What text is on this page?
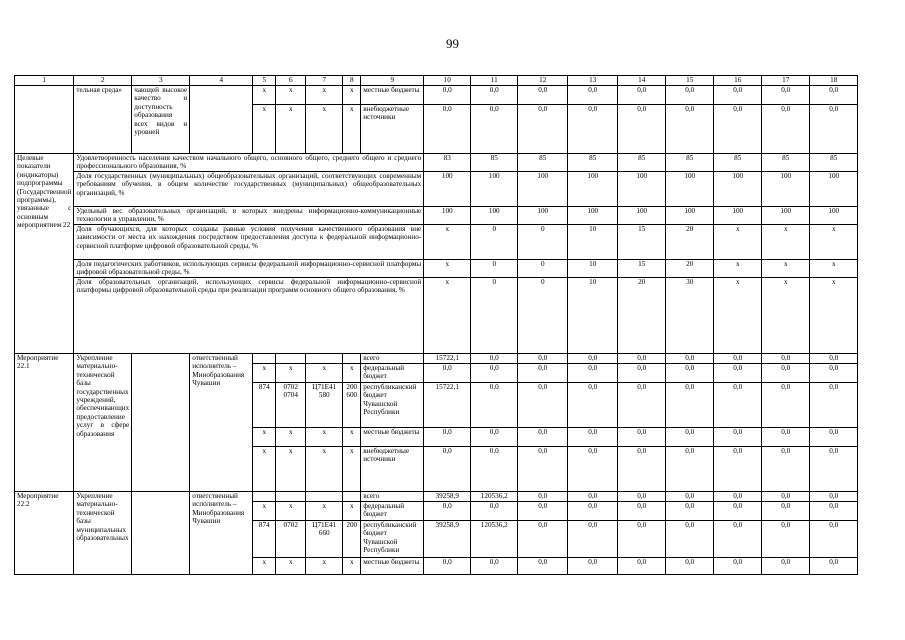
99
1	2	3	4	5	6	7	8	9	10	11	12	13	14	15	16	17	18
	тельная среда»	чающей высокое качество и доступность образования всех видов и уровней		x	x	x	x	местные бюджеты	0,0	0,0	0,0	0,0	0,0	0,0	0,0	0,0	0,0
				x	x	x	x	внебюджетные источники	0,0	0,0	0,0	0,0	0,0	0,0	0,0	0,0	0,0
Целевые показатели (индикаторы) подпрограммы (Государственной программы), увязанные с основным мероприятием 22	Удовлетворенность населения качеством начального общего, основного общего, среднего общего и среднего профессионального образования, %								83	85	85	85	85	85	85	85	85
	Доля государственных (муниципальных) общеобразовательных организаций, соответствующих современным требованиям обучения, в общем количестве государственных (муниципальных) общеобразовательных организаций, %								100	100	100	100	100	100	100	100	100
	Удельный вес образовательных организаций, в которых внедрены информационно-коммуникационные технологии в управлении, %								100	100	100	100	100	100	100	100	100
	Доля обучающихся, для которых созданы равные условия получения качественного образования вне зависимости от места их нахождения посредством предоставления доступа к федеральной информационно-сервисной платформе цифровой образовательной среды, %								x	0	0	10	15	20	x	x	x
	Доля педагогических работников, использующих сервисы федеральной информационно-сервисной платформы цифровой образовательной среды, %								x	0	0	10	15	20	x	x	x
	Доля образовательных организаций, использующих сервисы федеральной информационно-сервисной платформы цифровой образовательной среды при реализации программ основного общего образования, %								x	0	0	10	20	30	x	x	x
Мероприятие 22.1	Укрепление материально-технической базы государственных учреждений, обеспечивающих предоставление услуг в сфере образования		ответственный исполнитель – Минобразования Чувашии					всего	15722,1	0,0	0,0	0,0	0,0	0,0	0,0	0,0	0,0
				x	x	x	x	федеральный бюджет	0,0	0,0	0,0	0,0	0,0	0,0	0,0	0,0	0,0
				874	0702 0704	Ц71Е41 580	200 600	республиканский бюджет Чувашской Республики	15722,1	0,0	0,0	0,0	0,0	0,0	0,0	0,0	0,0
				x	x	x	x	местные бюджеты	0,0	0,0	0,0	0,0	0,0	0,0	0,0	0,0	0,0
				x	x	x	x	внебюджетные источники	0,0	0,0	0,0	0,0	0,0	0,0	0,0	0,0	0,0
Мероприятие 22.2	Укрепление материально-технической базы муниципальных образовательных		ответственный исполнитель – Минобразования Чувашии					всего	39258,9	120536,2	0,0	0,0	0,0	0,0	0,0	0,0	0,0
				x	x	x	x	федеральный бюджет	0,0	0,0	0,0	0,0	0,0	0,0	0,0	0,0	0,0
				874	0702	Ц71Е41 660	200	республиканский бюджет Чувашской Республики	39258,9	120536,2	0,0	0,0	0,0	0,0	0,0	0,0	0,0
				x	x	x	x	местные бюджеты	0,0	0,0	0,0	0,0	0,0	0,0	0,0	0,0	0,0
